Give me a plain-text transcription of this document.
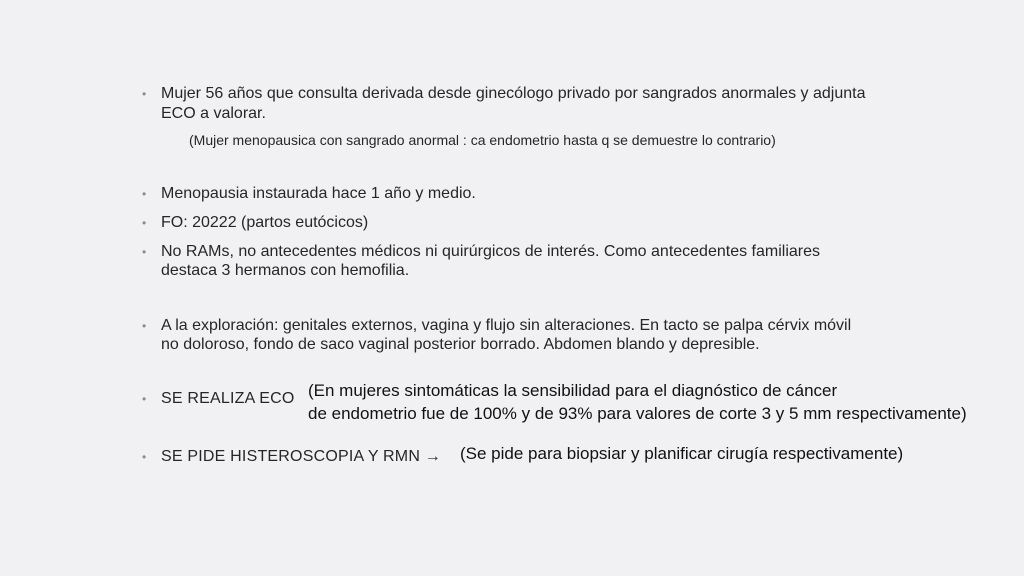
• Mujer 56 años que consulta derivada desde ginecólogo privado por sangrados anormales y adjunta
ECO a valorar.
(Mujer menopausica con sangrado anormal : ca endometrio hasta q se demuestre lo contrario)
• Menopausia instaurada hace 1 año y medio.
• FO: 20222 (partos eutócicos)
• No RAMs, no antecedentes médicos ni quirúrgicos de interés. Como antecedentes familiares
destaca 3 hermanos con hemofilia.
• A la exploración: genitales externos, vagina y flujo sin alteraciones. En tacto se palpa cérvix móvil
no doloroso, fondo de saco vaginal posterior borrado. Abdomen blando y depresible.
• SE REALIZA ECO (En mujeres sintomáticas la sensibilidad para el diagnóstico de cáncer
de endometrio fue de 100% y de 93% para valores de corte 3 y 5 mm respectivamente)
• SE PIDE HISTEROSCOPIA Y RMN → (Se pide para biopsiar y planificar cirugía respectivamente)
